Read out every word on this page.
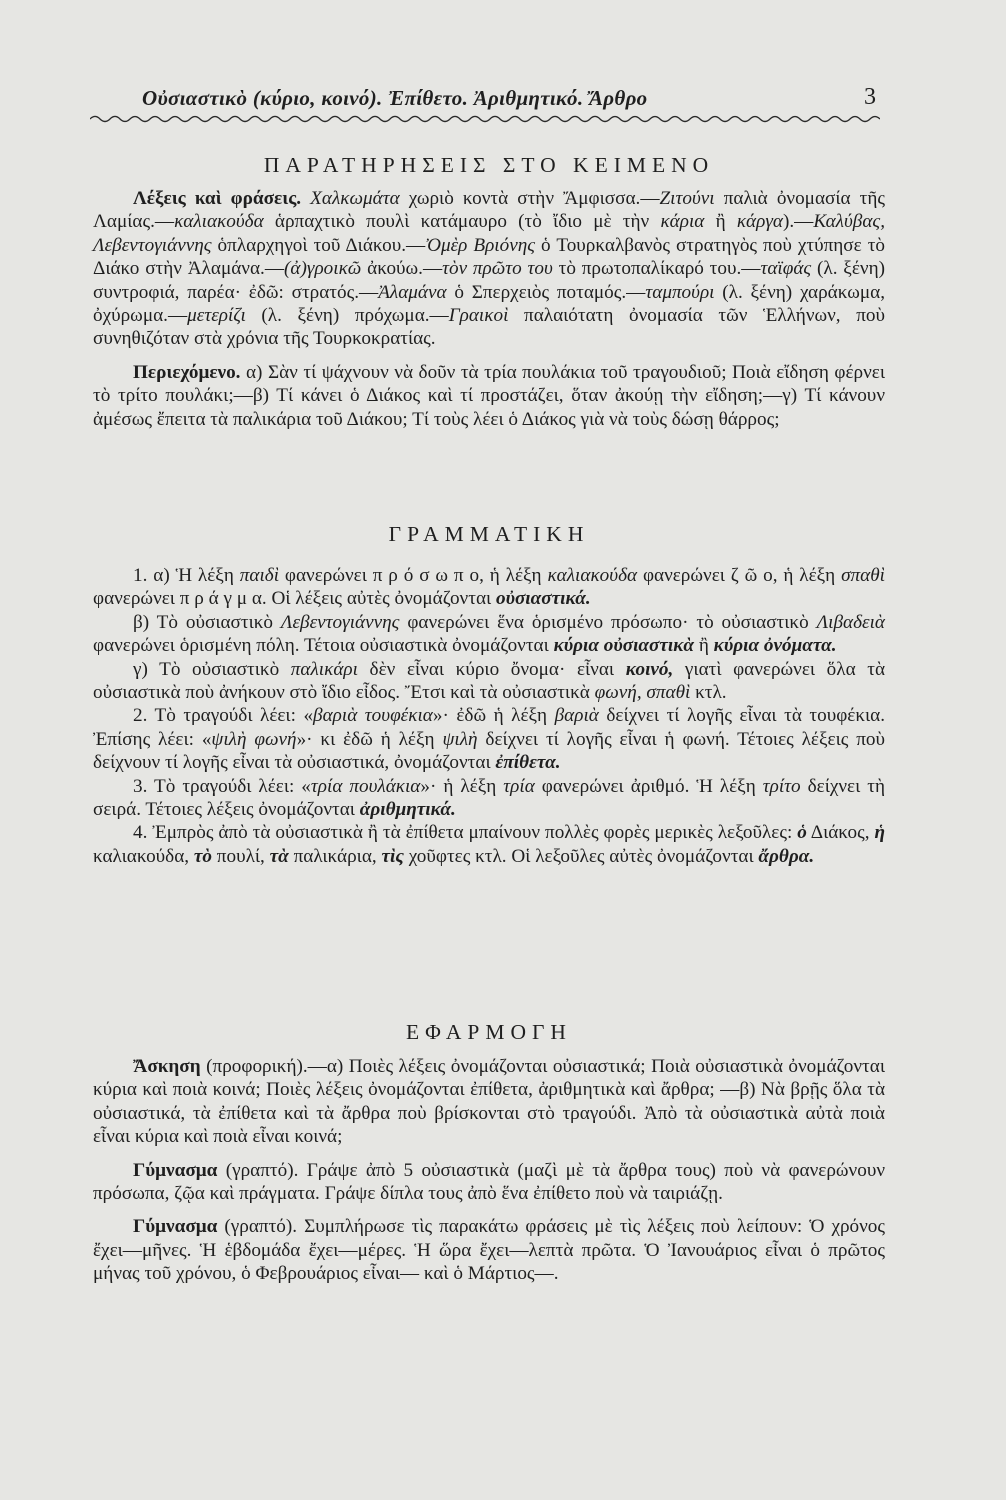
Οὐσιαστικὸ (κύριο, κοινό). Ἐπίθετο. Ἀριθμητικό. Ἄρθρο	3
ΠΑΡΑΤΗΡΗΣΕΙΣ ΣΤΟ ΚΕΙΜΕΝΟ

Λέξεις καὶ φράσεις. Χαλκωμάτα χωριὸ κοντὰ στὴν Ἄμφισσα.—Ζιτούνι παλιὰ ὀνομασία τῆς Λαμίας.—καλιακούδα ἁρπαχτικὸ πουλὶ κατάμαυρο (τὸ ἴδιο μὲ τὴν κάρια ἢ κάργα).—Καλύβας, Λεβεντογιάννης ὁπλαρχηγοὶ τοῦ Διάκου.—Ὀμὲρ Βριόνης ὁ Τουρκαλβανὸς στρατηγὸς ποὺ χτύπησε τὸ Διάκο στὴν Ἀλαμάνα.—(ἀ)γροικῶ ἀκούω.—τὸν πρῶτο του τὸ πρωτοπαλίκαρό του.—ταϊφάς (λ. ξένη) συντροφιά, παρέα· ἐδῶ: στρατός.—Ἀλαμάνα ὁ Σπερχειὸς ποταμός.—ταμπούρι (λ. ξένη) χαράκωμα, ὀχύρωμα.—μετερίζι (λ. ξένη) πρόχωμα.—Γραικοὶ παλαιότατη ὀνομασία τῶν Ἑλλήνων, ποὺ συνηθιζόταν στὰ χρόνια τῆς Τουρκοκρατίας.

Περιεχόμενο. α) Σὰν τί ψάχνουν νὰ δοῦν τὰ τρία πουλάκια τοῦ τραγουδιοῦ; Ποιὰ εἴδηση φέρνει τὸ τρίτο πουλάκι;—β) Τί κάνει ὁ Διάκος καὶ τί προστάζει, ὅταν ἀκούῃ τὴν εἴδηση;—γ) Τί κάνουν ἀμέσως ἔπειτα τὰ παλικάρια τοῦ Διάκου; Τί τοὺς λέει ὁ Διάκος γιὰ νὰ τοὺς δώσῃ θάρρος;

ΓΡΑΜΜΑΤΙΚΗ

1. α) Ἡ λέξη παιδὶ φανερώνει π ρ ό σ ω π ο, ἡ λέξη καλιακούδα φανερώνει ζ ῶ ο, ἡ λέξη σπαθὶ φανερώνει π ρ ά γ μ α. Οἱ λέξεις αὐτὲς ὀνομάζονται οὐσιαστικά.

β) Τὸ οὐσιαστικὸ Λεβεντογιάννης φανερώνει ἕνα ὁρισμένο πρόσωπο· τὸ οὐσιαστικὸ Λιβαδειὰ φανερώνει ὁρισμένη πόλη. Τέτοια οὐσιαστικὰ ὀνομάζονται κύρια οὐσιαστικὰ ἢ κύρια ὀνόματα.

γ) Τὸ οὐσιαστικὸ παλικάρι δὲν εἶναι κύριο ὄνομα· εἶναι κοινό, γιατὶ φανερώνει ὅλα τὰ οὐσιαστικὰ ποὺ ἀνήκουν στὸ ἴδιο εἶδος. Ἔτσι καὶ τὰ οὐσιαστικὰ φωνή, σπαθὶ κτλ.

2. Τὸ τραγούδι λέει: «βαριὰ τουφέκια»· ἐδῶ ἡ λέξη βαριὰ δείχνει τί λογῆς εἶναι τὰ τουφέκια. Ἐπίσης λέει: «ψιλὴ φωνή»· κι ἐδῶ ἡ λέξη ψιλὴ δείχνει τί λογῆς εἶναι ἡ φωνή. Τέτοιες λέξεις ποὺ δείχνουν τί λογῆς εἶναι τὰ οὐσιαστικά, ὀνομάζονται ἐπίθετα.

3. Τὸ τραγούδι λέει: «τρία πουλάκια»· ἡ λέξη τρία φανερώνει ἀριθμό. Ἡ λέξη τρίτο δείχνει τὴ σειρά. Τέτοιες λέξεις ὀνομάζονται ἀριθμητικά.

4. Ἐμπρὸς ἀπὸ τὰ οὐσιαστικὰ ἢ τὰ ἐπίθετα μπαίνουν πολλὲς φορὲς μερικὲς λεξοῦλες: ὁ Διάκος, ἡ καλιακούδα, τὸ πουλί, τὰ παλικάρια, τὶς χοῦφτες κτλ. Οἱ λεξοῦλες αὐτὲς ὀνομάζονται ἄρθρα.

ΕΦΑΡΜΟΓΗ

Ἄσκηση (προφορική).—α) Ποιὲς λέξεις ὀνομάζονται οὐσιαστικά; Ποιὰ οὐσιαστικὰ ὀνομάζονται κύρια καὶ ποιὰ κοινά; Ποιὲς λέξεις ὀνομάζονται ἐπίθετα, ἀριθμητικὰ καὶ ἄρθρα; —β) Νὰ βρῇς ὅλα τὰ οὐσιαστικά, τὰ ἐπίθετα καὶ τὰ ἄρθρα ποὺ βρίσκονται στὸ τραγούδι. Ἀπὸ τὰ οὐσιαστικὰ αὐτὰ ποιὰ εἶναι κύρια καὶ ποιὰ εἶναι κοινά;

Γύμνασμα (γραπτό). Γράψε ἀπὸ 5 οὐσιαστικὰ (μαζὶ μὲ τὰ ἄρθρα τους) ποὺ νὰ φανερώνουν πρόσωπα, ζῷα καὶ πράγματα. Γράψε δίπλα τους ἀπὸ ἕνα ἐπίθετο ποὺ νὰ ταιριάζῃ.

Γύμνασμα (γραπτό). Συμπλήρωσε τὶς παρακάτω φράσεις μὲ τὶς λέξεις ποὺ λείπουν: Ὁ χρόνος ἔχει—μῆνες. Ἡ ἑβδομάδα ἔχει—μέρες. Ἡ ὥρα ἔχει—λεπτὰ πρῶτα. Ὁ Ἰανουάριος εἶναι ὁ πρῶτος μήνας τοῦ χρόνου, ὁ Φεβρουάριος εἶναι— καὶ ὁ Μάρτιος—.
